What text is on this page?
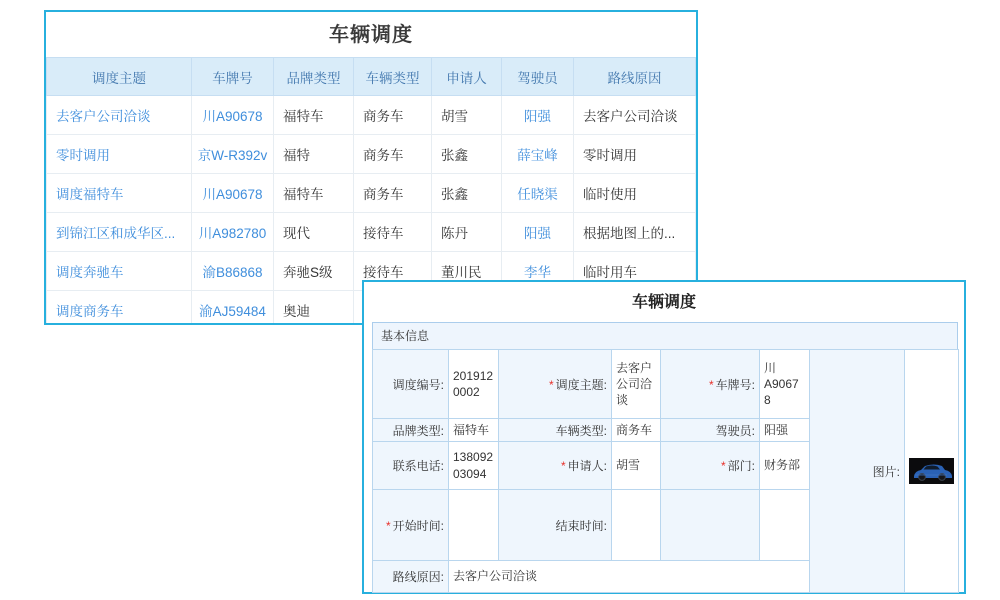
车辆调度
调度主题	车牌号	品牌类型	车辆类型	申请人	驾驶员	路线原因
去客户公司洽谈	川A90678	福特车	商务车	胡雪	阳强	去客户公司洽谈
零时调用	京W-R392v	福特	商务车	张鑫	薛宝峰	零时调用
调度福特车	川A90678	福特车	商务车	张鑫	任晓渠	临时使用
到锦江区和成华区...	川A982780	现代	接待车	陈丹	阳强	根据地图上的...
调度奔驰车	渝B86868	奔驰S级	接待车	董川民	李华	临时用车
调度商务车	渝AJ59484	奥迪				
车辆调度
基本信息
调度编号:	2019120002	* 调度主题:	去客户公司洽谈	* 车牌号:	川A90678	图片:	

品牌类型:	福特车	车辆类型:	商务车	驾驶员:	阳强		
联系电话:	13809203094	* 申请人:	胡雪	* 部门:	财务部		
* 开始时间:		结束时间:					
路线原因:	去客户公司洽谈						
